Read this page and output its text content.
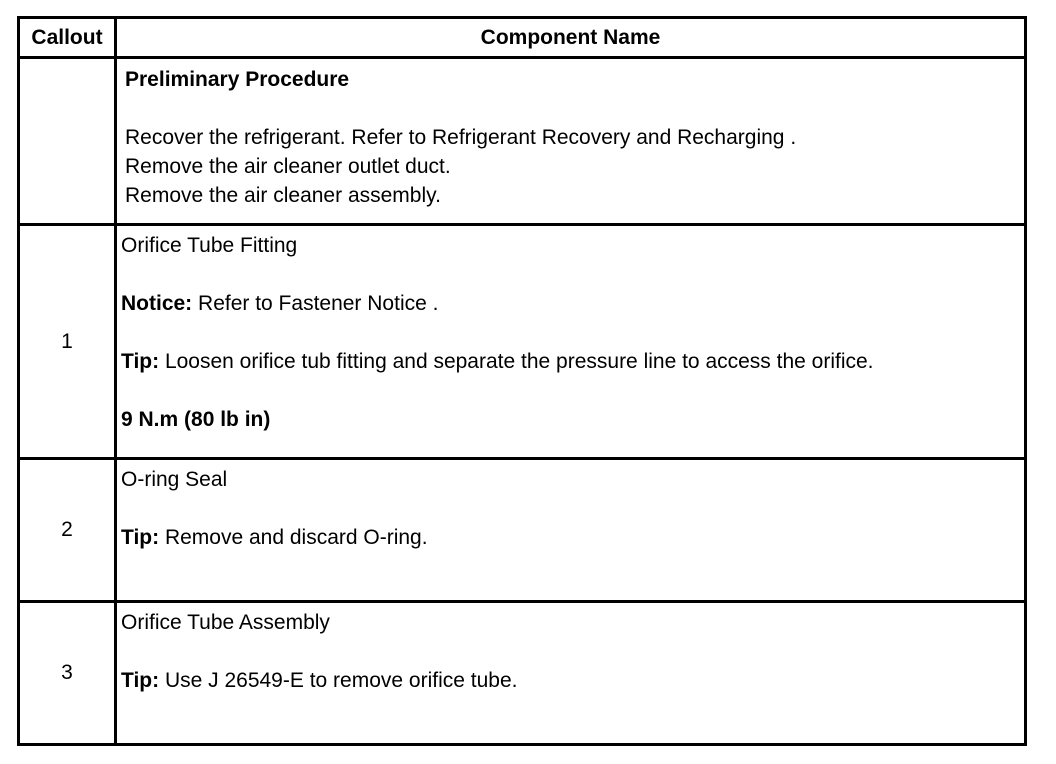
Callout	Component Name

	Preliminary Procedure
Recover the refrigerant. Refer to Refrigerant Recovery and Recharging .
Remove the air cleaner outlet duct.
Remove the air cleaner assembly.

1	Orifice Tube Fitting
Notice: Refer to Fastener Notice .
Tip: Loosen orifice tub fitting and separate the pressure line to access the orifice.
9 N.m (80 lb in)

2	O-ring Seal
Tip: Remove and discard O-ring.

3	Orifice Tube Assembly
Tip: Use J 26549-E to remove orifice tube.
